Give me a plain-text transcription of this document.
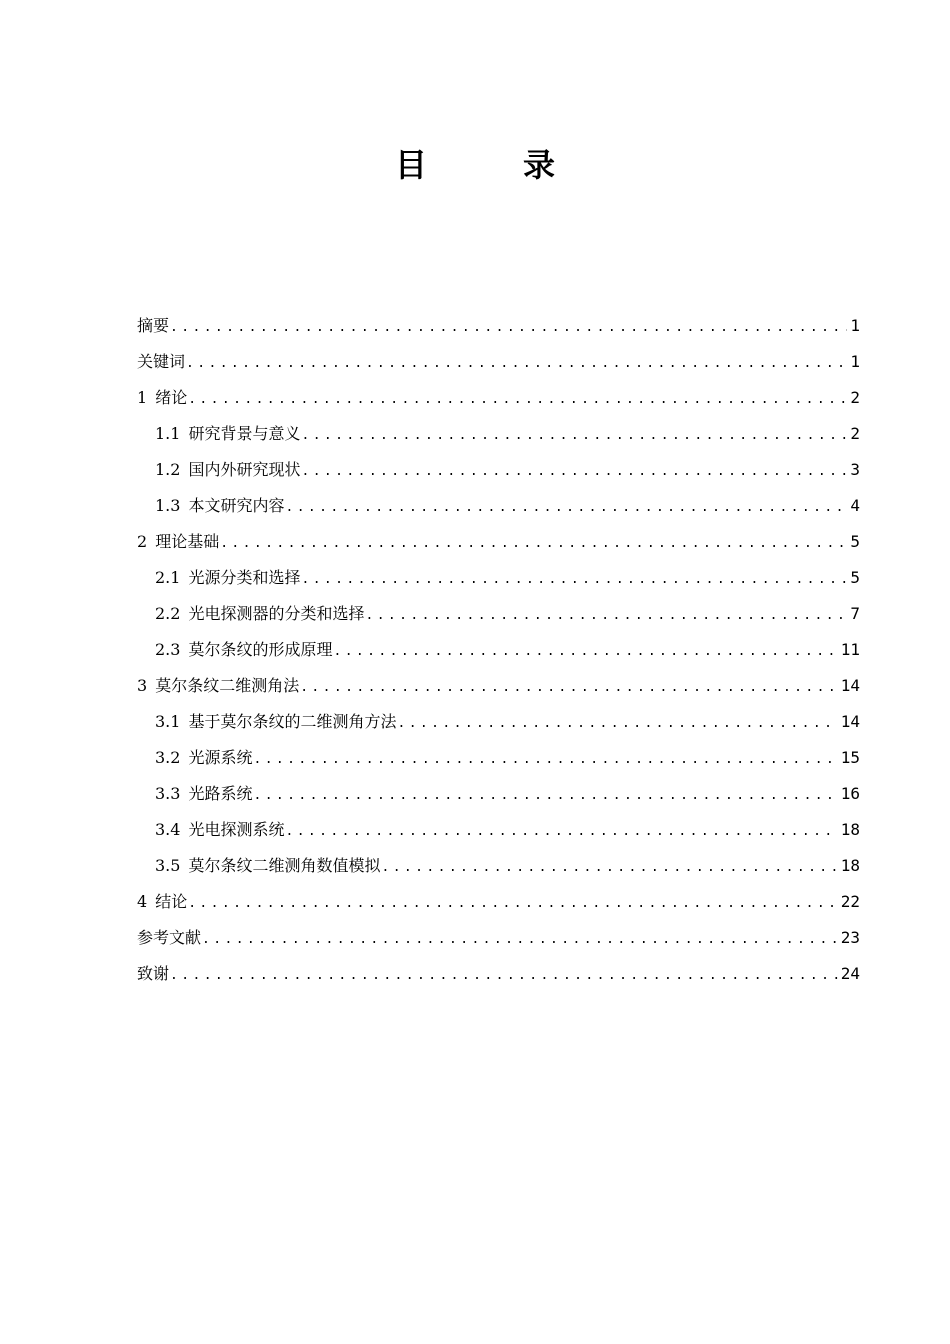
目　录
摘要 .....	1
关键词 .....	1
1 绪论 .....	2
1.1 研究背景与意义 .....	2
1.2 国内外研究现状 .....	3
1.3 本文研究内容 .....	4
2 理论基础 .....	5
2.1 光源分类和选择 .....	5
2.2 光电探测器的分类和选择 .....	7
2.3 莫尔条纹的形成原理 .....	11
3 莫尔条纹二维测角法 .....	14
3.1 基于莫尔条纹的二维测角方法 .....	14
3.2 光源系统 .....	15
3.3 光路系统 .....	16
3.4 光电探测系统 .....	18
3.5 莫尔条纹二维测角数值模拟 .....	18
4 结论 .....	22
参考文献 .....	23
致谢 .....	24
